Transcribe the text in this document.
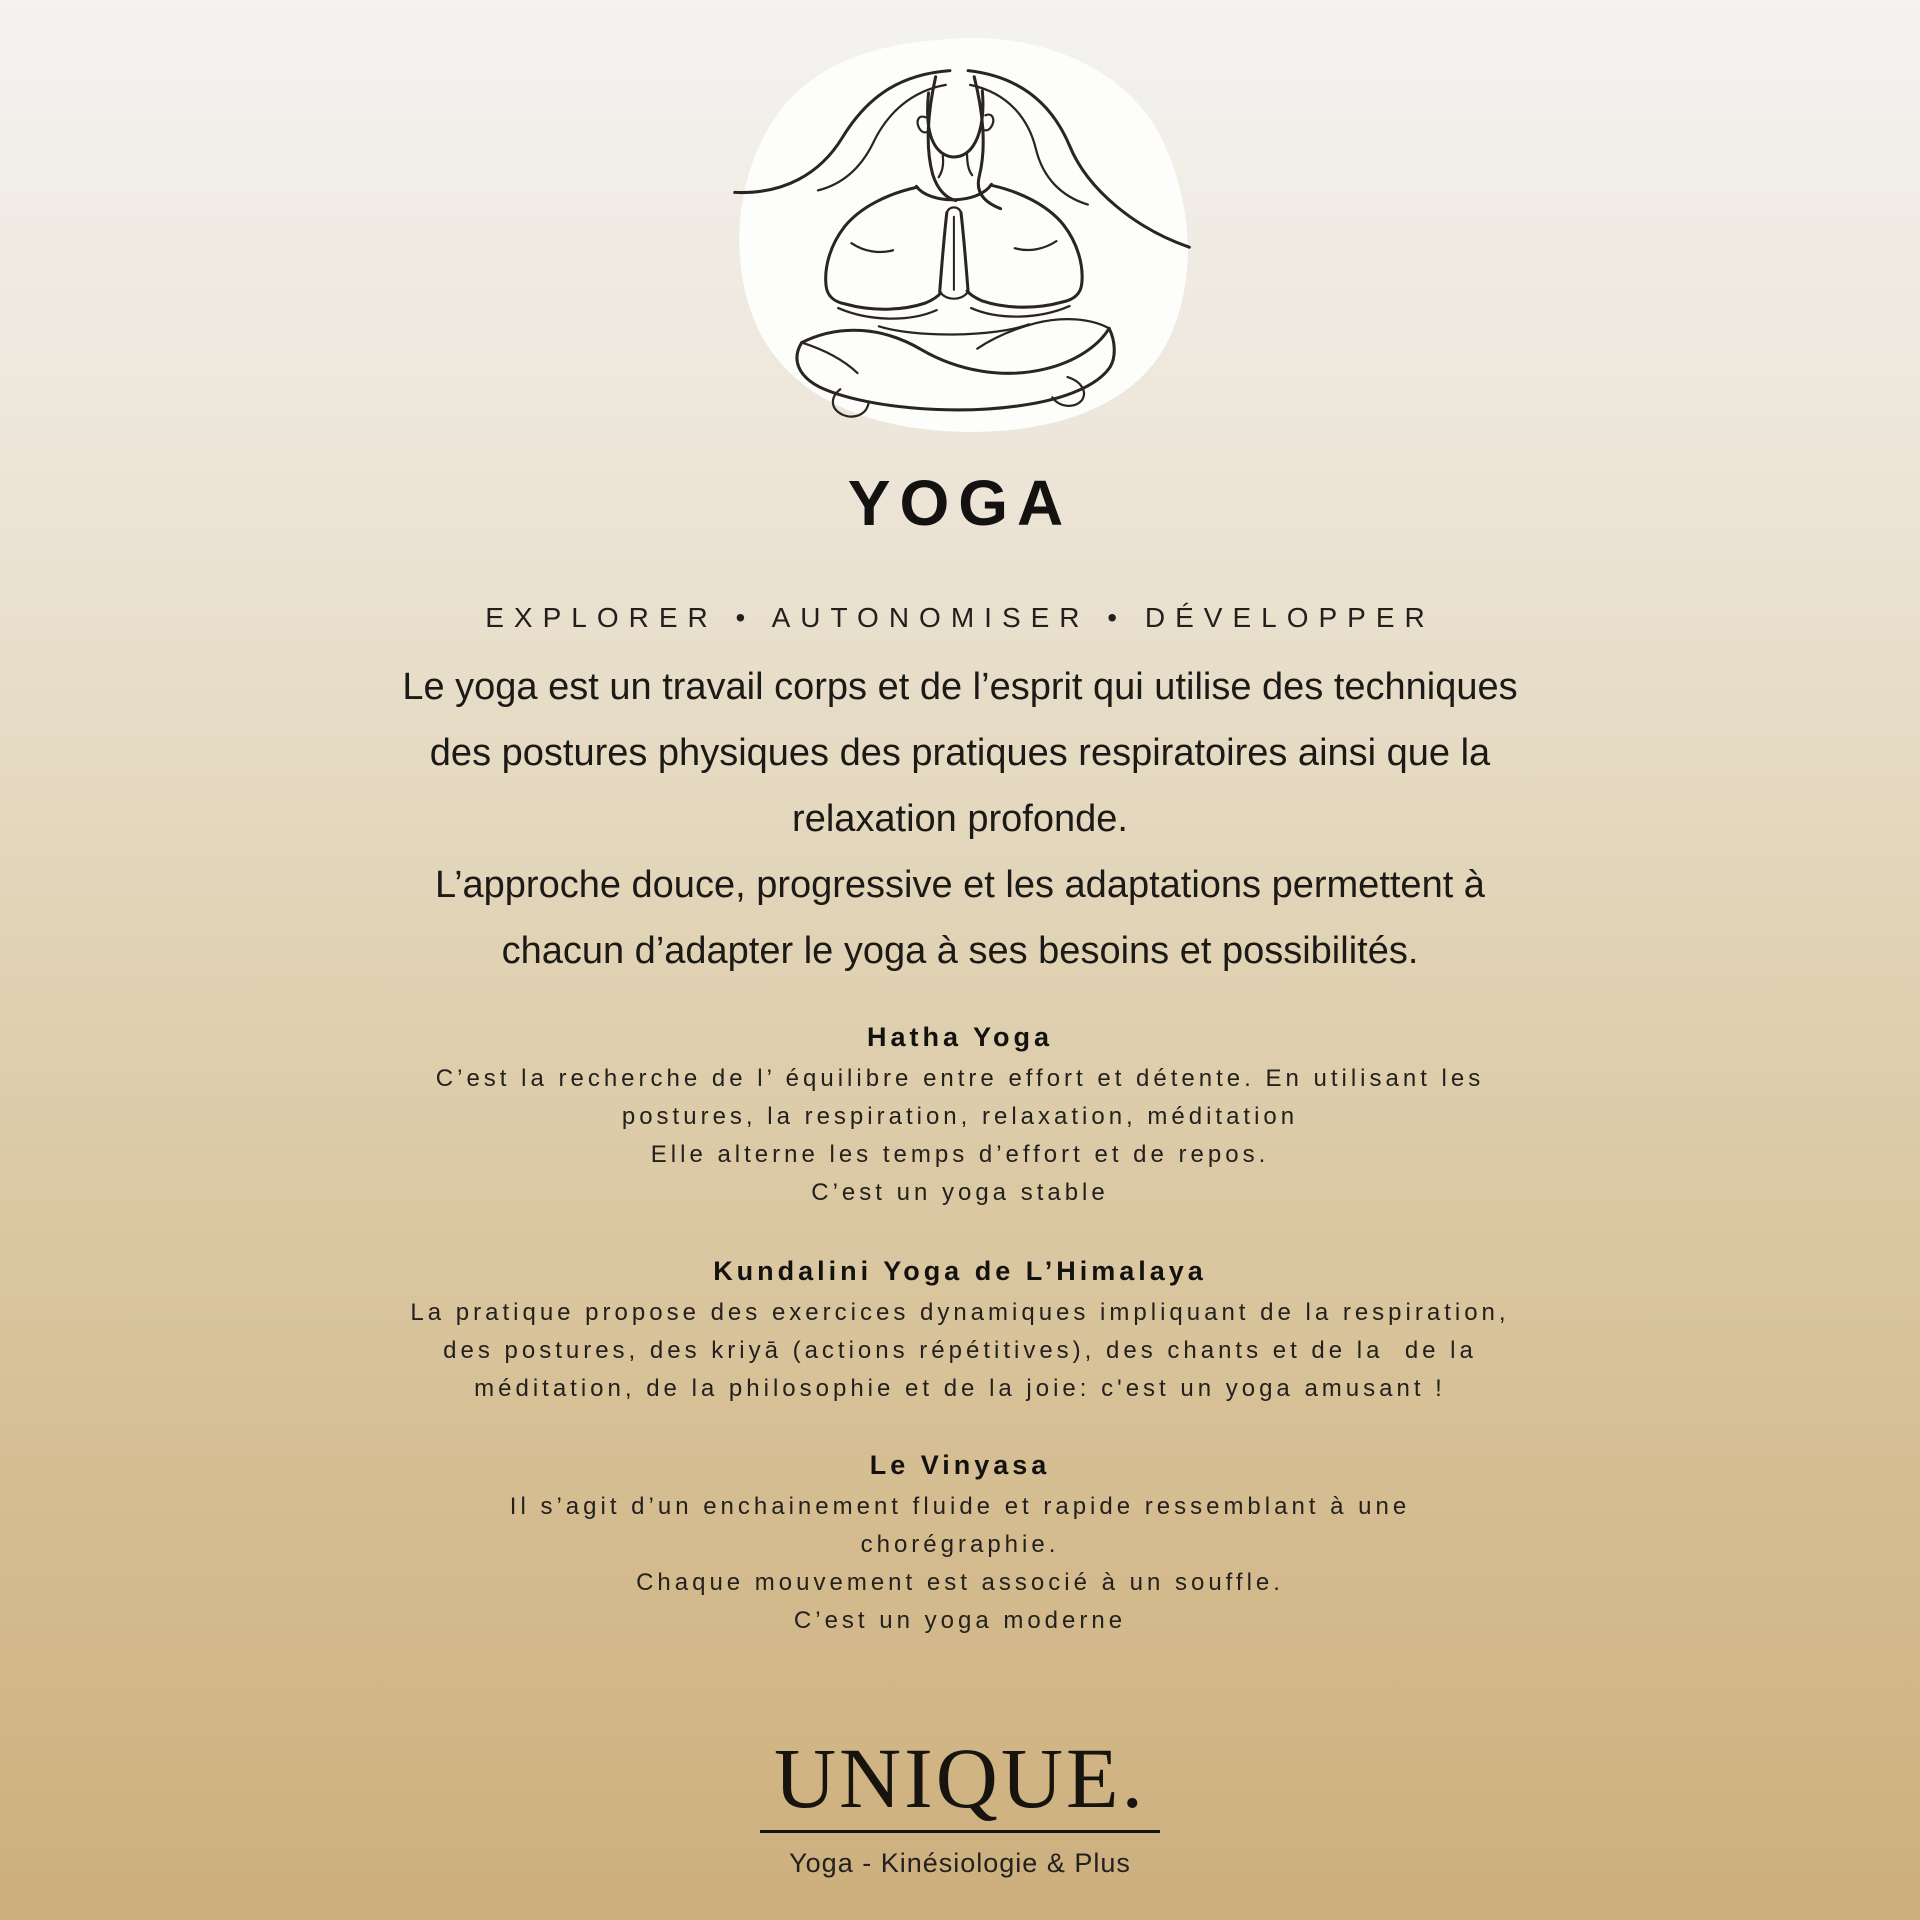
YOGA
EXPLORER • AUTONOMISER • DÉVELOPPER
Le yoga est un travail corps et de l’esprit qui utilise des techniques
des postures physiques des pratiques respiratoires ainsi que la
relaxation profonde.
L’approche douce, progressive et les adaptations permettent à
chacun d’adapter le yoga à ses besoins et possibilités.
Hatha Yoga
C’est la recherche de l’ équilibre entre effort et détente. En utilisant les
postures, la respiration, relaxation, méditation
Elle alterne les temps d’effort et de repos.
C’est un yoga stable
Kundalini Yoga de L’Himalaya
La pratique propose des exercices dynamiques impliquant de la respiration,
des postures, des kriyā (actions répétitives), des chants et de la  de la
méditation, de la philosophie et de la joie: c'est un yoga amusant !
Le Vinyasa
Il s’agit d’un enchainement fluide et rapide ressemblant à une
chorégraphie.
Chaque mouvement est associé à un souffle.
C’est un yoga moderne
UNIQUE.
Yoga - Kinésiologie & Plus
